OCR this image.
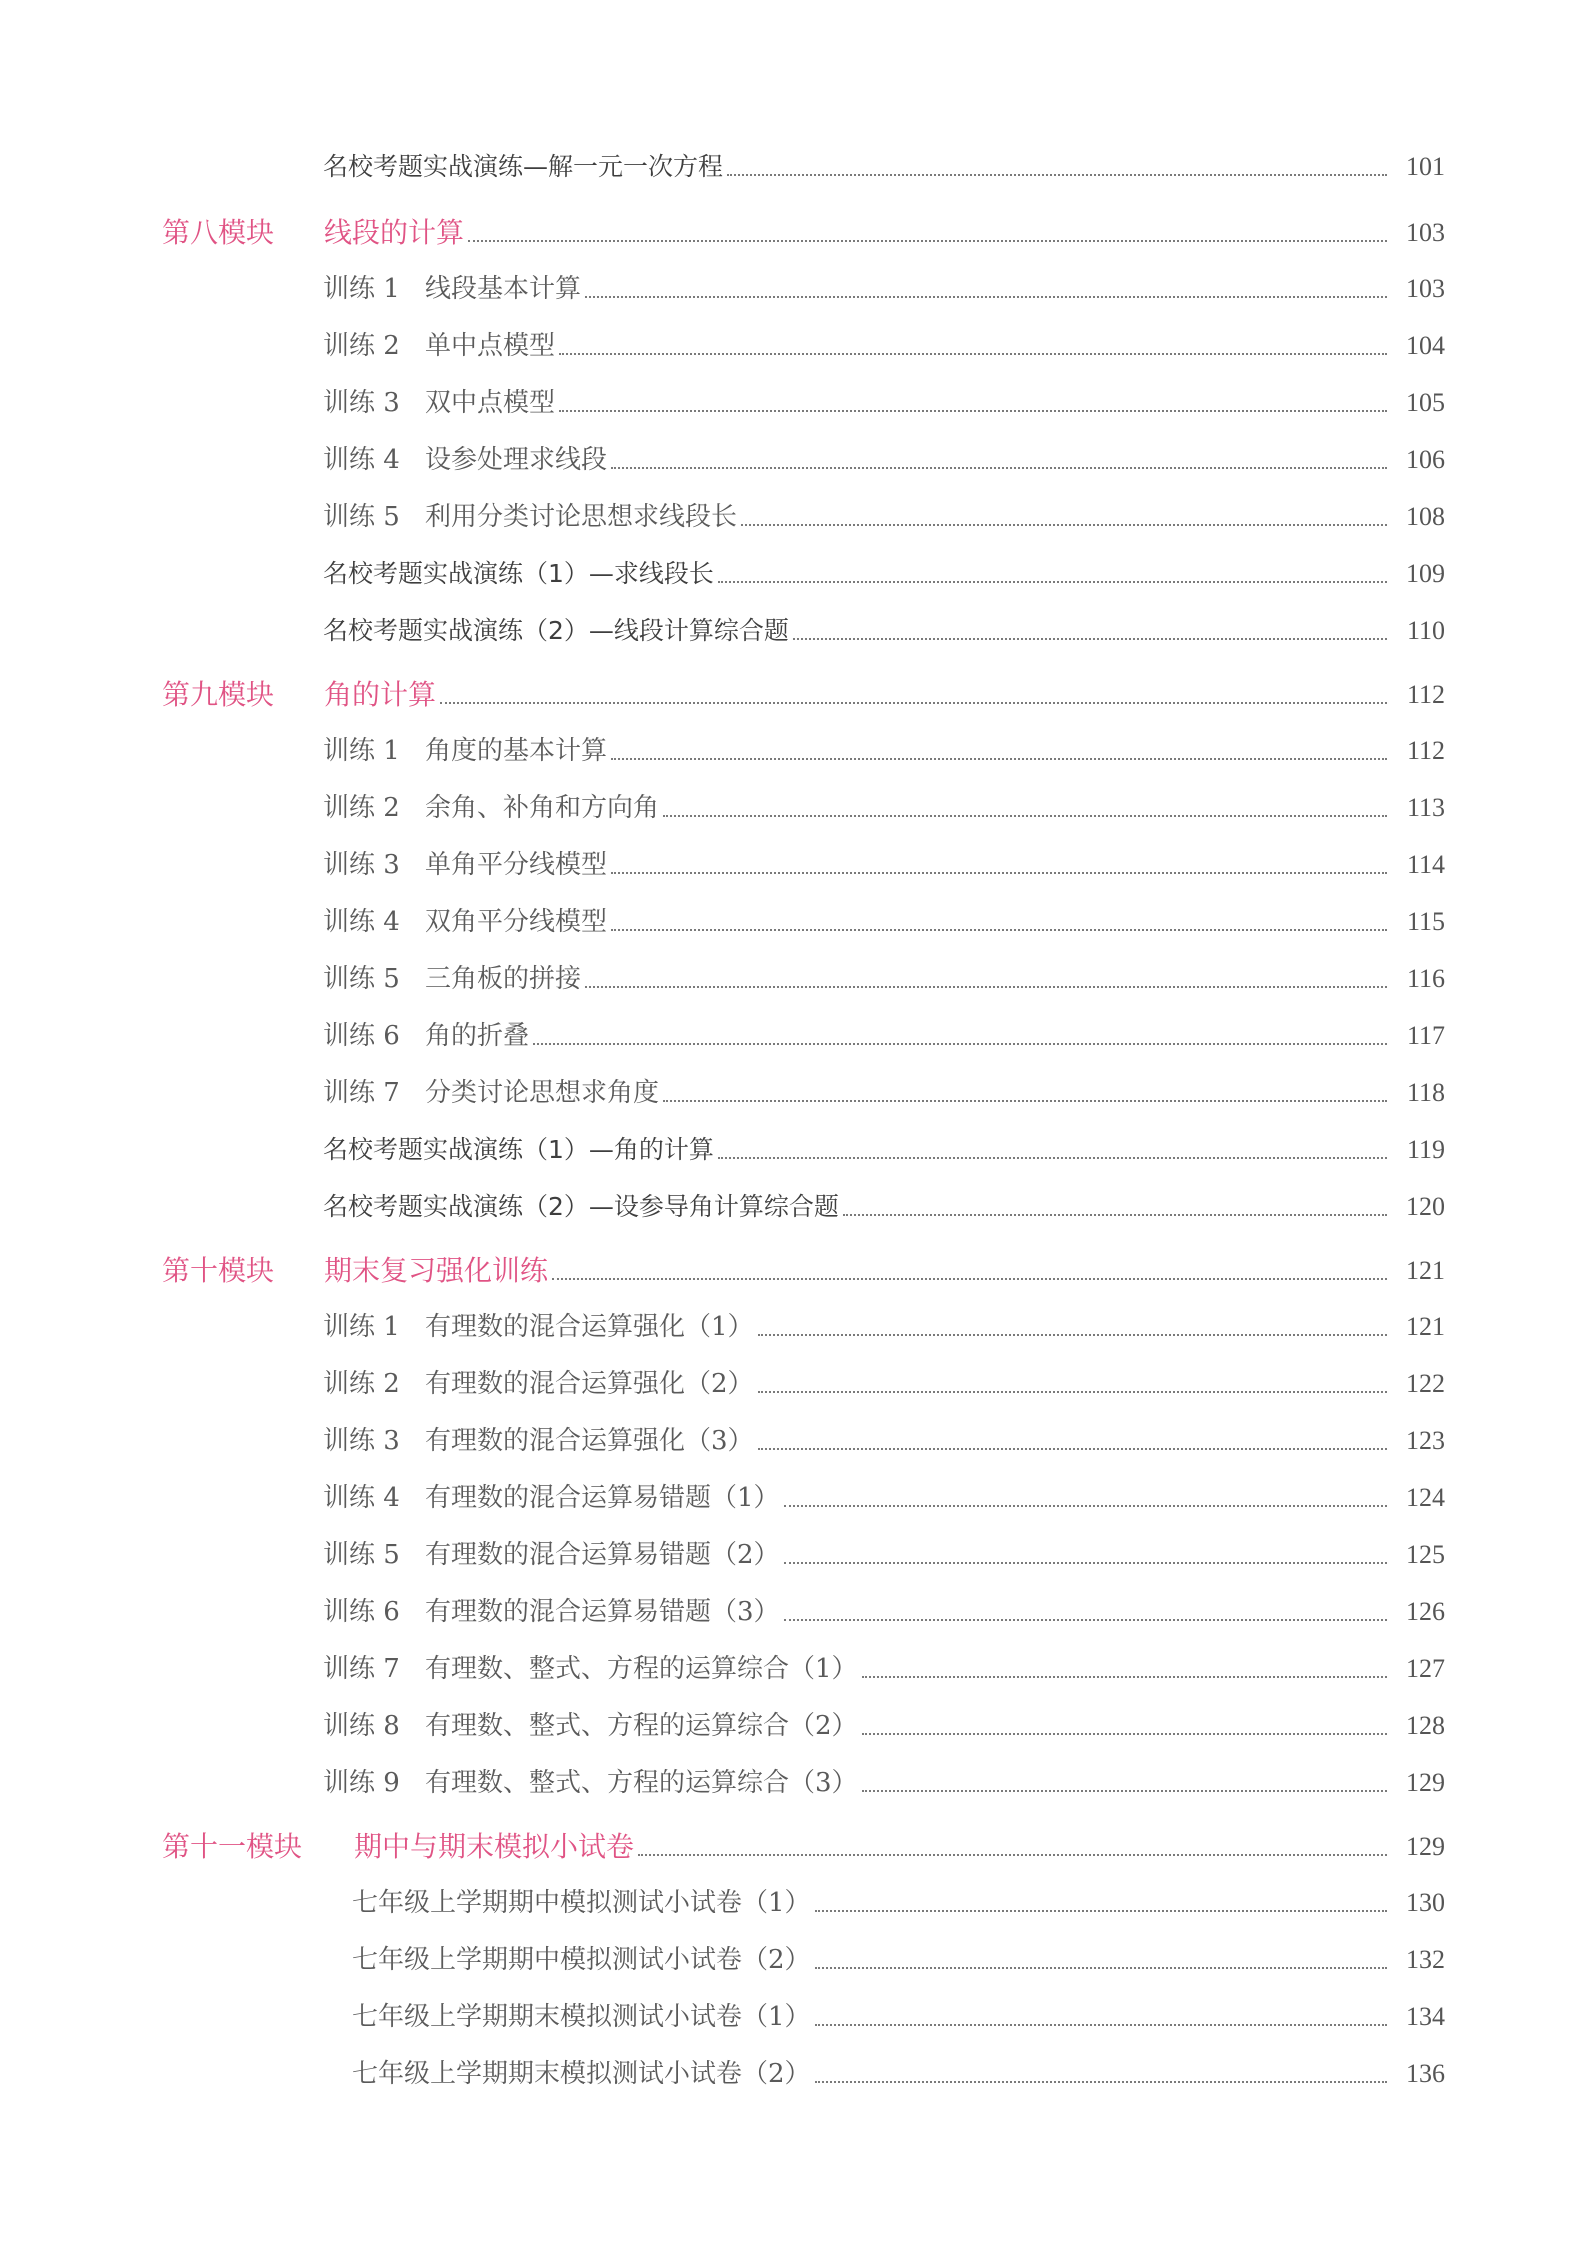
名校考题实战演练—解一元一次方程	101
第八模块	线段的计算	103
训练 1 线段基本计算	103
训练 2 单中点模型	104
训练 3 双中点模型	105
训练 4 设参处理求线段	106
训练 5 利用分类讨论思想求线段长	108
名校考题实战演练（1）—求线段长	109
名校考题实战演练（2）—线段计算综合题	110
第九模块	角的计算	112
训练 1 角度的基本计算	112
训练 2 余角、补角和方向角	113
训练 3 单角平分线模型	114
训练 4 双角平分线模型	115
训练 5 三角板的拼接	116
训练 6 角的折叠	117
训练 7 分类讨论思想求角度	118
名校考题实战演练（1）—角的计算	119
名校考题实战演练（2）—设参导角计算综合题	120
第十模块	期末复习强化训练	121
训练 1 有理数的混合运算强化（1）	121
训练 2 有理数的混合运算强化（2）	122
训练 3 有理数的混合运算强化（3）	123
训练 4 有理数的混合运算易错题（1）	124
训练 5 有理数的混合运算易错题（2）	125
训练 6 有理数的混合运算易错题（3）	126
训练 7 有理数、整式、方程的运算综合（1）	127
训练 8 有理数、整式、方程的运算综合（2）	128
训练 9 有理数、整式、方程的运算综合（3）	129
第十一模块	期中与期末模拟小试卷	129
七年级上学期期中模拟测试小试卷（1）	130
七年级上学期期中模拟测试小试卷（2）	132
七年级上学期期末模拟测试小试卷（1）	134
七年级上学期期末模拟测试小试卷（2）	136
